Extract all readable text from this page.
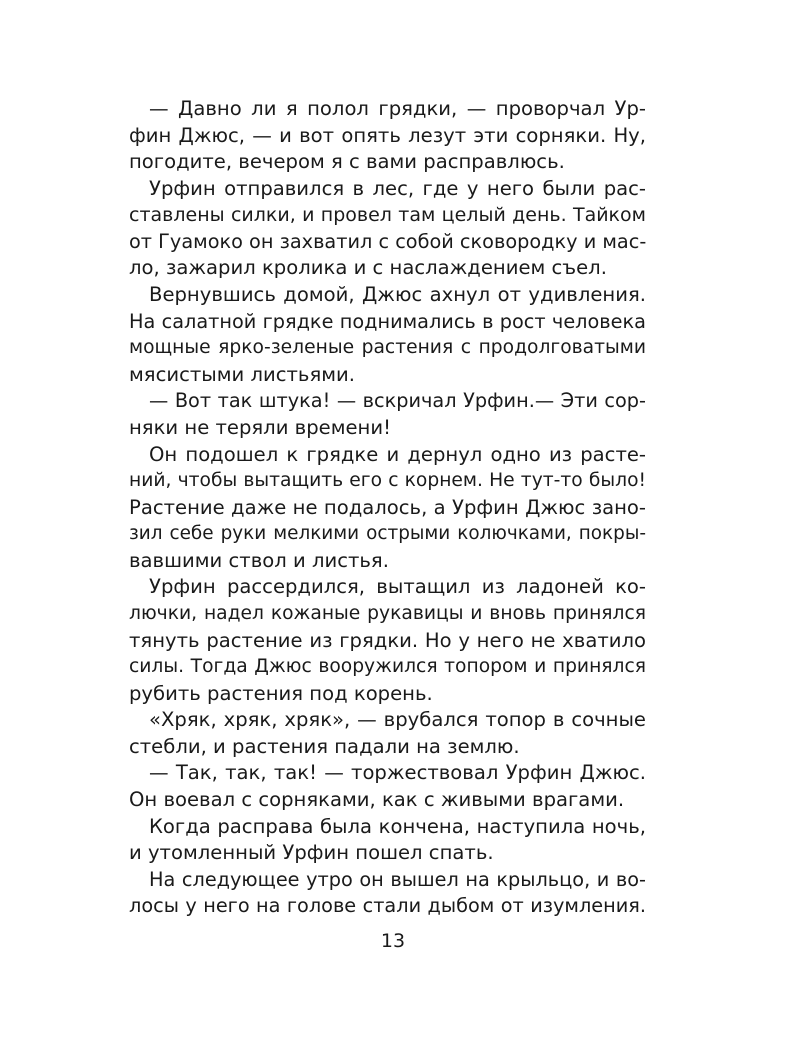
— Давно ли я полол грядки, — проворчал Ур-
фин Джюс, — и вот опять лезут эти сорняки. Ну,
погодите, вечером я с вами расправлюсь.
Урфин отправился в лес, где у него были рас-
ставлены силки, и провел там целый день. Тайком
от Гуамоко он захватил с собой сковородку и мас-
ло, зажарил кролика и с наслаждением съел.
Вернувшись домой, Джюс ахнул от удивления.
На салатной грядке поднимались в рост человека
мощные ярко-зеленые растения с продолговатыми
мясистыми листьями.
— Вот так штука! — вскричал Урфин.— Эти сор-
няки не теряли времени!
Он подошел к грядке и дернул одно из расте-
ний, чтобы вытащить его с корнем. Не тут-то было!
Растение даже не подалось, а Урфин Джюс зано-
зил себе руки мелкими острыми колючками, покры-
вавшими ствол и листья.
Урфин рассердился, вытащил из ладоней ко-
лючки, надел кожаные рукавицы и вновь принялся
тянуть растение из грядки. Но у него не хватило
силы. Тогда Джюс вооружился топором и принялся
рубить растения под корень.
«Хряк, хряк, хряк», — врубался топор в сочные
стебли, и растения падали на землю.
— Так, так, так! — торжествовал Урфин Джюс.
Он воевал с сорняками, как с живыми врагами.
Когда расправа была кончена, наступила ночь,
и утомленный Урфин пошел спать.
На следующее утро он вышел на крыльцо, и во-
лосы у него на голове стали дыбом от изумления.
13
